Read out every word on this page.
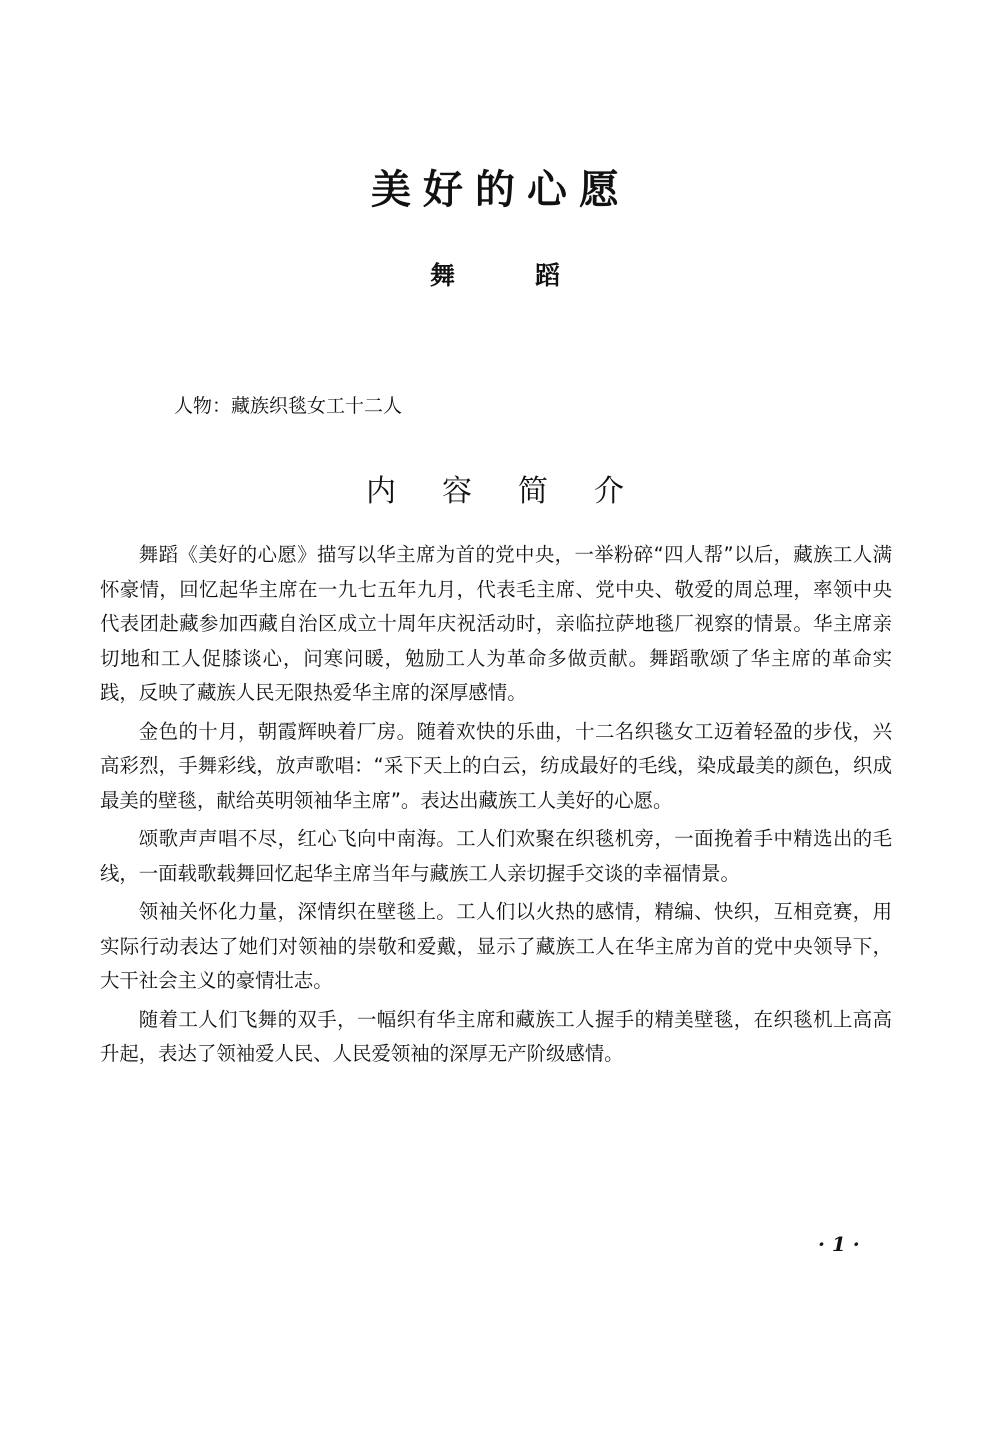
美好的心愿
舞蹈
人物：藏族织毯女工十二人
内容简介

舞蹈《美好的心愿》描写以华主席为首的党中央，一举粉碎“四人帮”以后，藏族工人满怀豪情，回忆起华主席在一九七五年九月，代表毛主席、党中央、敬爱的周总理，率领中央代表团赴藏参加西藏自治区成立十周年庆祝活动时，亲临拉萨地毯厂视察的情景。华主席亲切地和工人促膝谈心，问寒问暖，勉励工人为革命多做贡献。舞蹈歌颂了华主席的革命实践，反映了藏族人民无限热爱华主席的深厚感情。

金色的十月，朝霞辉映着厂房。随着欢快的乐曲，十二名织毯女工迈着轻盈的步伐，兴高彩烈，手舞彩线，放声歌唱：“采下天上的白云，纺成最好的毛线，染成最美的颜色，织成最美的壁毯，献给英明领袖华主席”。表达出藏族工人美好的心愿。

颂歌声声唱不尽，红心飞向中南海。工人们欢聚在织毯机旁，一面挽着手中精选出的毛线，一面载歌载舞回忆起华主席当年与藏族工人亲切握手交谈的幸福情景。

领袖关怀化力量，深情织在壁毯上。工人们以火热的感情，精编、快织，互相竞赛，用实际行动表达了她们对领袖的崇敬和爱戴，显示了藏族工人在华主席为首的党中央领导下，大干社会主义的豪情壮志。

随着工人们飞舞的双手，一幅织有华主席和藏族工人握手的精美壁毯，在织毯机上高高升起，表达了领袖爱人民、人民爱领袖的深厚无产阶级感情。

· 1 ·
